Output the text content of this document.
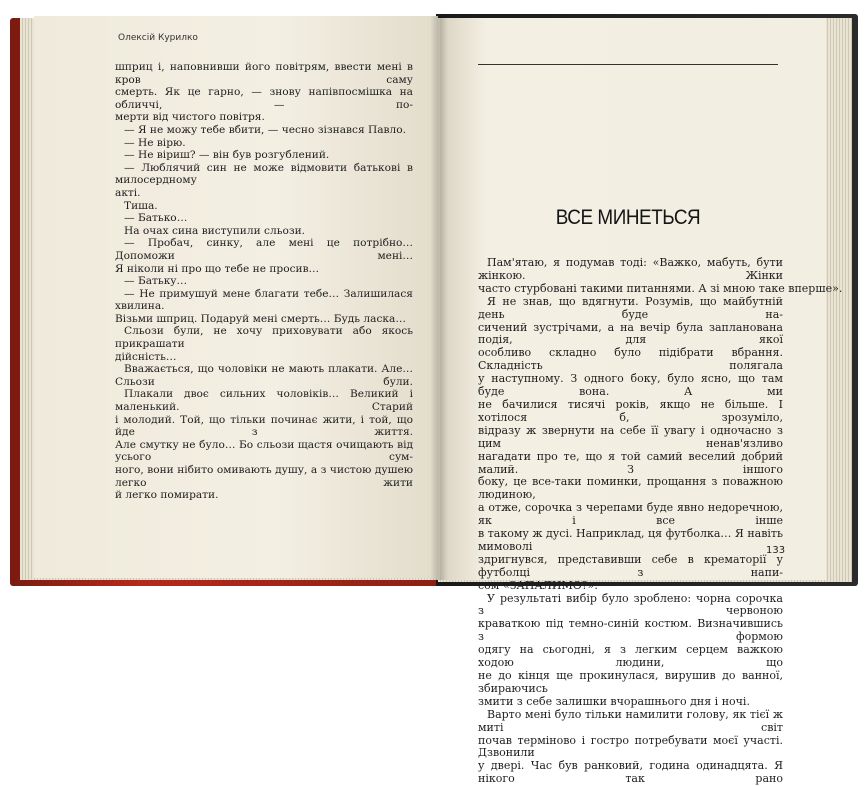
Олексій Курилко
шприц і, наповнивши його повітрям, ввести мені в кров саму
смерть. Як це гарно, — знову напівпосмішка на обличчі, — по-
мерти від чистого повітря.
— Я не можу тебе вбити, — чесно зізнався Павло.
— Не вірю.
— Не віриш? — він був розгублений.
— Люблячий син не може відмовити батькові в милосердному
акті.
Тиша.
— Батько…
На очах сина виступили сльози.
— Пробач, синку, але мені це потрібно… Допоможи мені…
Я ніколи ні про що тебе не просив…
— Батьку…
— Не примушуй мене благати тебе… Залишилася хвилина.
Візьми шприц. Подаруй мені смерть… Будь ласка…
Сльози були, не хочу приховувати або якось прикрашати
дійсність…
Вважається, що чоловіки не мають плакати. Але… Сльози були.
Плакали двоє сильних чоловіків… Великий і маленький. Старий
і молодий. Той, що тільки починає жити, і той, що йде з життя.
Але смутку не було… Бо сльози щастя очищають від усього сум-
ного, вони нібито омивають душу, а з чистою душею легко жити
й легко помирати.
ВСЕ МИНЕТЬСЯ
Пам'ятаю, я подумав тоді: «Важко, мабуть, бути жінкою. Жінки
часто стурбовані такими питаннями. А зі мною таке вперше».
Я не знав, що вдягнути. Розумів, що майбутній день буде на-
сичений зустрічами, а на вечір була запланована подія, для якої
особливо складно було підібрати вбрання. Складність полягала
у наступному. З одного боку, було ясно, що там буде вона. А ми
не бачилися тисячі років, якщо не більше. І хотілося б, зрозуміло,
відразу ж звернути на себе її увагу і одночасно з цим ненав'язливо
нагадати про те, що я той самий веселий добрий малий. З іншого
боку, це все-таки поминки, прощання з поважною людиною,
а отже, сорочка з черепами буде явно недоречною, як і все інше
в такому ж дусі. Наприклад, ця футболка… Я навіть мимоволі
здригнувся, представивши себе в крематорії у футболці з напи-
сом «ЗАПАЛИМО?».
У результаті вибір було зроблено: чорна сорочка з червоною
краваткою під темно-синій костюм. Визначившись з формою
одягу на сьогодні, я з легким серцем важкою ходою людини, що
не до кінця ще прокинулася, вирушив до ванної, збираючись
змити з себе залишки вчорашнього дня і ночі.
Варто мені було тільки намилити голову, як тієї ж миті світ
почав терміново і гостро потребувати моєї участі. Дзвонили
у двері. Час був ранковий, година одинадцята. Я нікого так рано
133
